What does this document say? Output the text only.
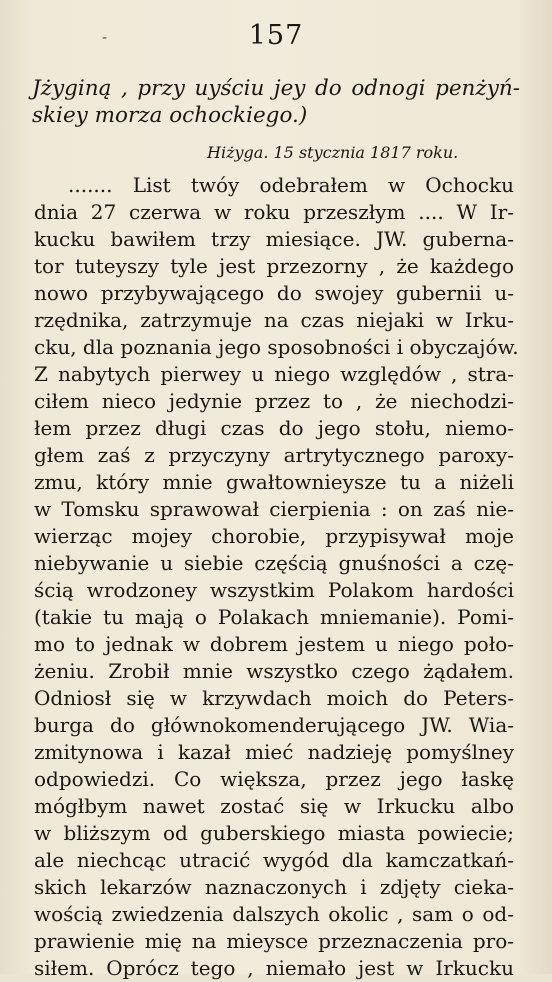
-	157

Jżyginą , przy uyściu jey do odnogi penżyń-
skiey morza ochockiego.)

Hiżyga. 15 stycznia 1817 roku.
....... List twóy odebrałem w Ochocku
dnia 27 czerwa w roku przeszłym .... W Ir-
kucku bawiłem trzy miesiące. JW. guberna-
tor tuteyszy tyle jest przezorny , że każdego
nowo przybywającego do swojey gubernii u-
rzędnika, zatrzymuje na czas niejaki w Irku-
cku, dla poznania jego sposobności i obyczajów.
Z nabytych pierwey u niego względów , stra-
ciłem nieco jedynie przez to , że niechodzi-
łem przez długi czas do jego stołu, niemo-
głem zaś z przyczyny artrytycznego paroxy-
zmu, który mnie gwałtownieysze tu a niżeli
w Tomsku sprawował cierpienia : on zaś nie-
wierząc mojey chorobie, przypisywał moje
niebywanie u siebie częścią gnuśności a czę-
ścią wrodzoney wszystkim Polakom hardości
(takie tu mają o Polakach mniemanie). Pomi-
mo to jednak w dobrem jestem u niego poło-
żeniu. Zrobił mnie wszystko czego żądałem.
Odniosł się w krzywdach moich do Peters-
burga do głównokomenderującego JW. Wia-
zmitynowa i kazał mieć nadzieję pomyślney
odpowiedzi. Co większa, przez jego łaskę
mógłbym nawet zostać się w Irkucku albo
w bliższym od guberskiego miasta powiecie;
ale niechcąc utracić wygód dla kamczatkań-
skich lekarzów naznaczonych i zdjęty cieka-
wością zwiedzenia dalszych okolic , sam o od-
prawienie mię na mieysce przeznaczenia pro-
siłem. Oprócz tego , niemało jest w Irkucku
